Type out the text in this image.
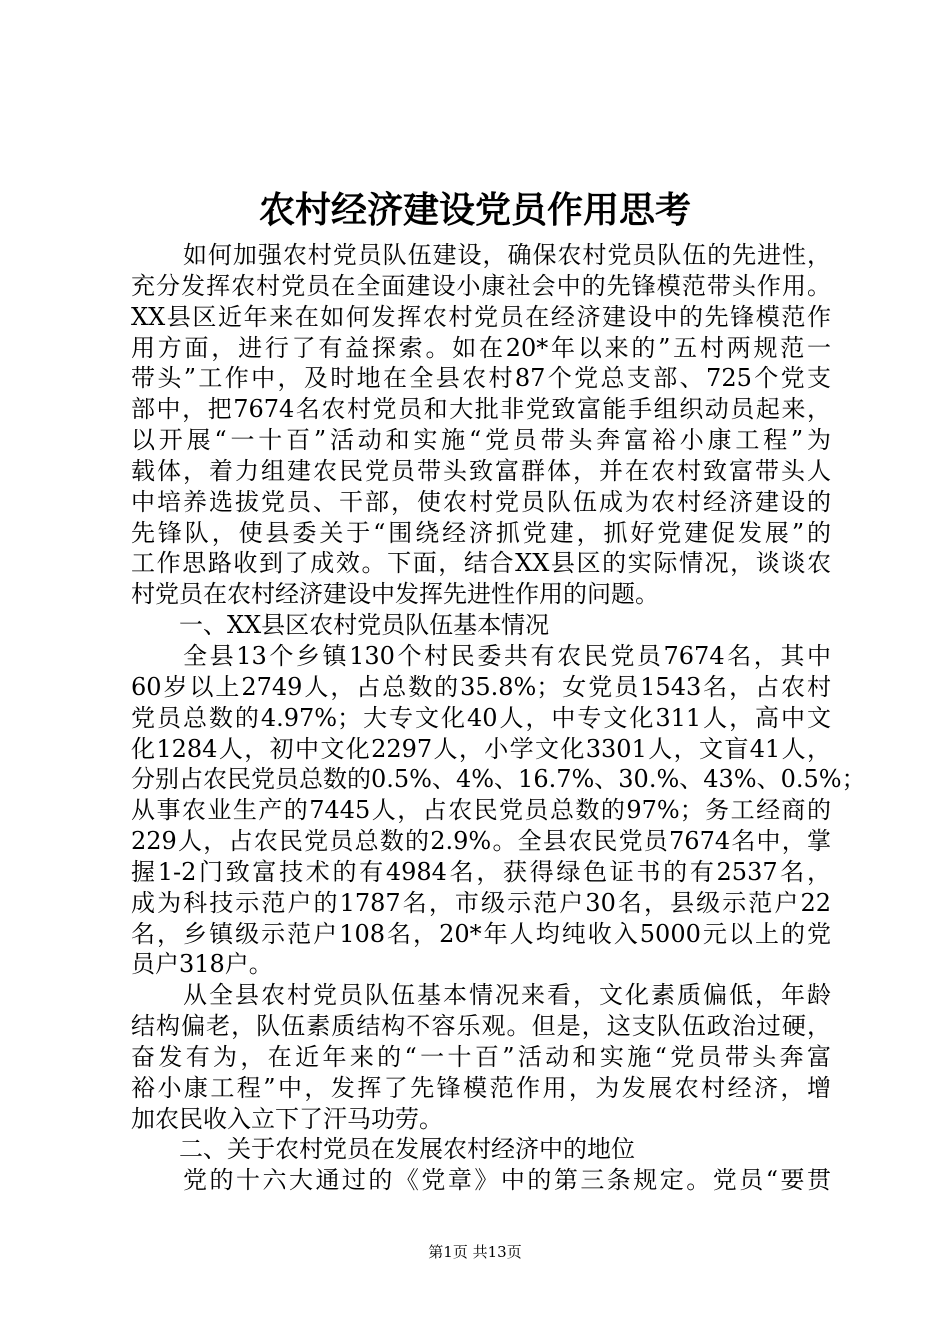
农村经济建设党员作用思考
如何加强农村党员队伍建设，确保农村党员队伍的先进性，
充分发挥农村党员在全面建设小康社会中的先锋模范带头作用。
XX县区近年来在如何发挥农村党员在经济建设中的先锋模范作
用方面，进行了有益探索。如在20*年以来的”五村两规范一
带头”工作中，及时地在全县农村87个党总支部、725个党支
部中，把7674名农村党员和大批非党致富能手组织动员起来，
以开展“一十百”活动和实施“党员带头奔富裕小康工程”为
载体，着力组建农民党员带头致富群体，并在农村致富带头人
中培养选拔党员、干部，使农村党员队伍成为农村经济建设的
先锋队，使县委关于“围绕经济抓党建，抓好党建促发展”的
工作思路收到了成效。下面，结合XX县区的实际情况，谈谈农
村党员在农村经济建设中发挥先进性作用的问题。
一、XX县区农村党员队伍基本情况
全县13个乡镇130个村民委共有农民党员7674名，其中
60岁以上2749人，占总数的35.8%；女党员1543名，占农村
党员总数的4.97%；大专文化40人，中专文化311人，高中文
化1284人，初中文化2297人，小学文化3301人，文盲41人，
分别占农民党员总数的0.5%、4%、16.7%、30.%、43%、0.5%；
从事农业生产的7445人，占农民党员总数的97%；务工经商的
229人，占农民党员总数的2.9%。全县农民党员7674名中，掌
握1-2门致富技术的有4984名，获得绿色证书的有2537名，
成为科技示范户的1787名，市级示范户30名，县级示范户22
名，乡镇级示范户108名，20*年人均纯收入5000元以上的党
员户318户。
从全县农村党员队伍基本情况来看，文化素质偏低，年龄
结构偏老，队伍素质结构不容乐观。但是，这支队伍政治过硬，
奋发有为，在近年来的“一十百”活动和实施“党员带头奔富
裕小康工程”中，发挥了先锋模范作用，为发展农村经济，增
加农民收入立下了汗马功劳。
二、关于农村党员在发展农村经济中的地位
党的十六大通过的《党章》中的第三条规定。党员“要贯
第1页 共13页
